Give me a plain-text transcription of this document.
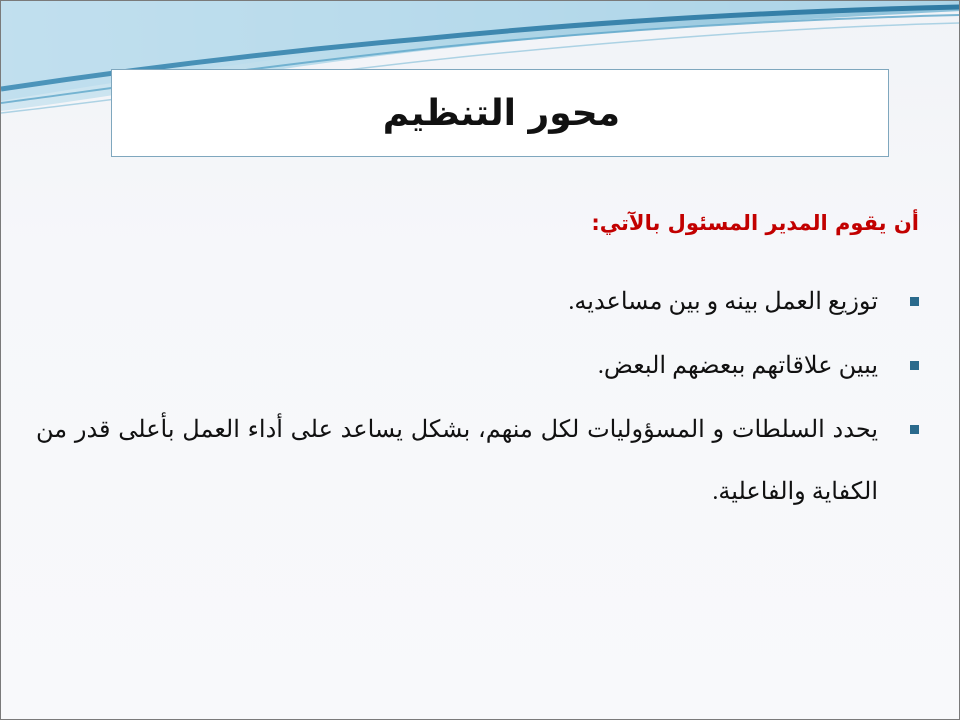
محور التنظيم
أن يقوم المدير المسئول بالآتي:
توزيع العمل بينه و بين مساعديه.
يبين علاقاتهم ببعضهم البعض.
يحدد السلطات و المسؤوليات لكل منهم، بشكل يساعد على أداء العمل بأعلى قدر من الكفاية والفاعلية.
